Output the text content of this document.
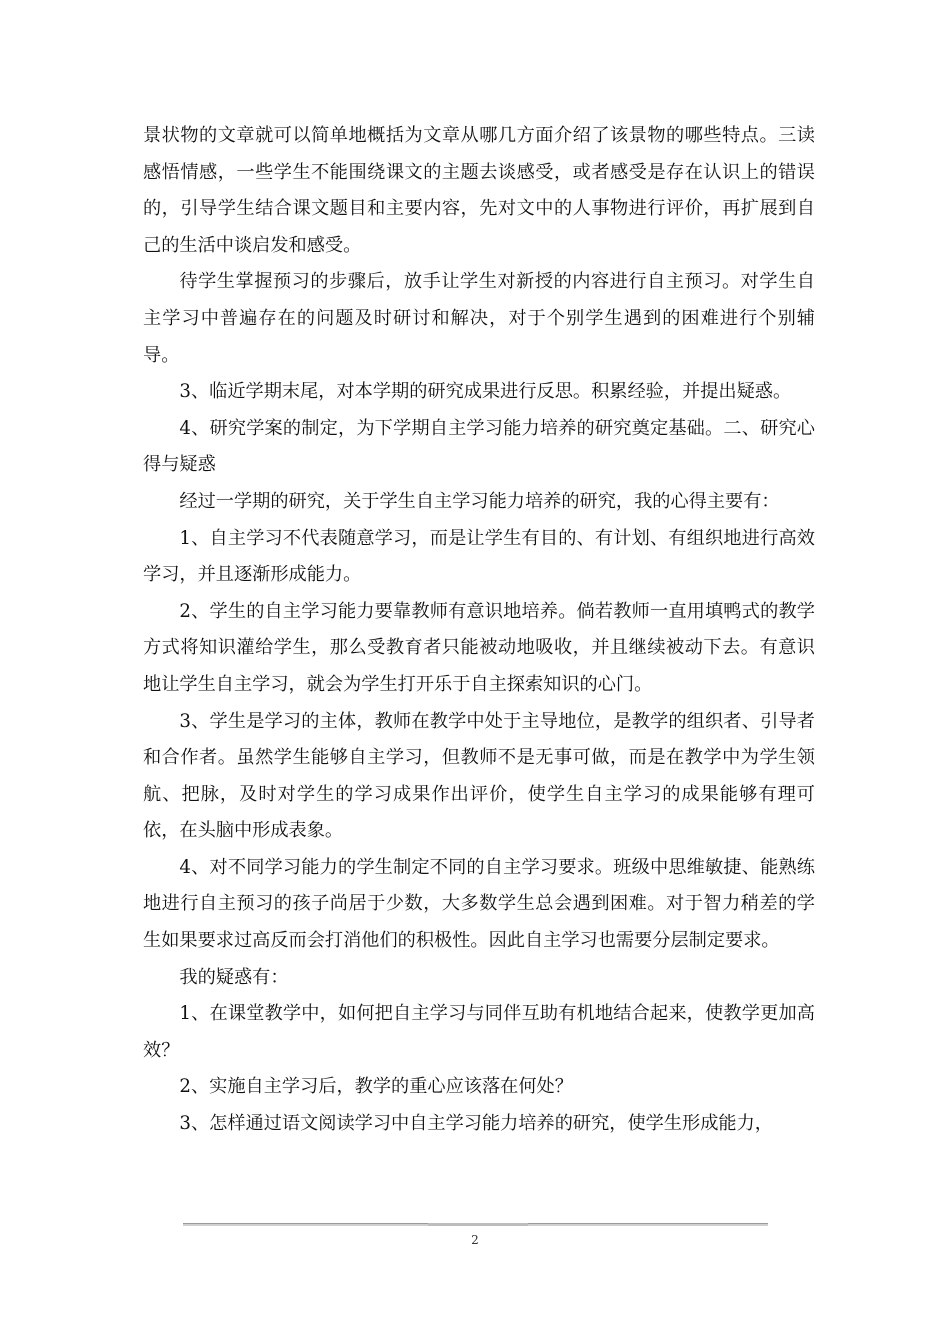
景状物的文章就可以简单地概括为文章从哪几方面介绍了该景物的哪些特点。三读感悟情感，一些学生不能围绕课文的主题去谈感受，或者感受是存在认识上的错误的，引导学生结合课文题目和主要内容，先对文中的人事物进行评价，再扩展到自己的生活中谈启发和感受。

待学生掌握预习的步骤后，放手让学生对新授的内容进行自主预习。对学生自主学习中普遍存在的问题及时研讨和解决，对于个别学生遇到的困难进行个别辅导。

3、临近学期末尾，对本学期的研究成果进行反思。积累经验，并提出疑惑。

4、研究学案的制定，为下学期自主学习能力培养的研究奠定基础。二、研究心得与疑惑

经过一学期的研究，关于学生自主学习能力培养的研究，我的心得主要有：

1、自主学习不代表随意学习，而是让学生有目的、有计划、有组织地进行高效学习，并且逐渐形成能力。

2、学生的自主学习能力要靠教师有意识地培养。倘若教师一直用填鸭式的教学方式将知识灌给学生，那么受教育者只能被动地吸收，并且继续被动下去。有意识地让学生自主学习，就会为学生打开乐于自主探索知识的心门。

3、学生是学习的主体，教师在教学中处于主导地位，是教学的组织者、引导者和合作者。虽然学生能够自主学习，但教师不是无事可做，而是在教学中为学生领航、把脉，及时对学生的学习成果作出评价，使学生自主学习的成果能够有理可依，在头脑中形成表象。

4、对不同学习能力的学生制定不同的自主学习要求。班级中思维敏捷、能熟练地进行自主预习的孩子尚居于少数，大多数学生总会遇到困难。对于智力稍差的学生如果要求过高反而会打消他们的积极性。因此自主学习也需要分层制定要求。

我的疑惑有：

1、在课堂教学中，如何把自主学习与同伴互助有机地结合起来，使教学更加高效？

2、实施自主学习后，教学的重心应该落在何处？

3、怎样通过语文阅读学习中自主学习能力培养的研究，使学生形成能力，

2
